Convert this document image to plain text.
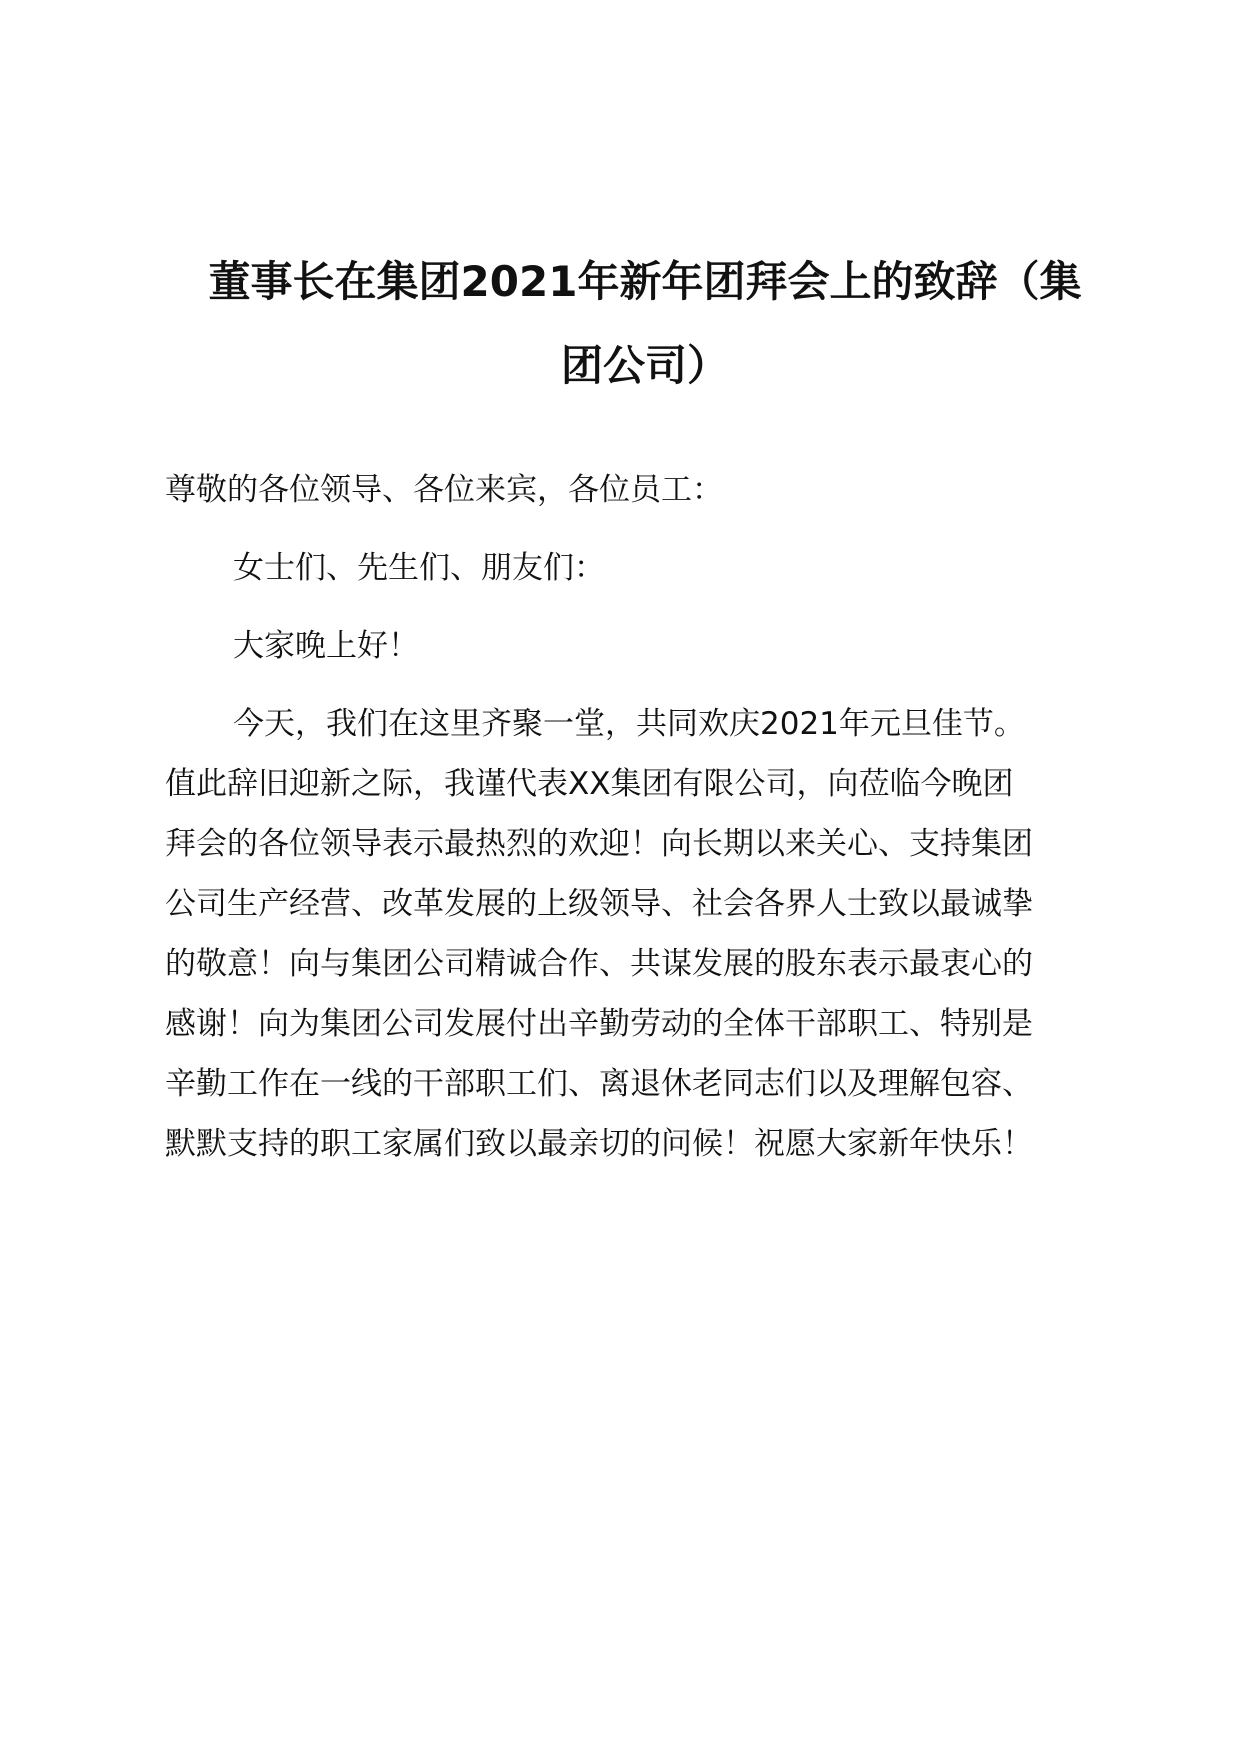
董事长在集团2021年新年团拜会上的致辞（集
团公司）

尊敬的各位领导、各位来宾，各位员工：

女士们、先生们、朋友们：

大家晚上好！

今天，我们在这里齐聚一堂，共同欢庆2021年元旦佳节。
值此辞旧迎新之际，我谨代表XX集团有限公司，向莅临今晚团
拜会的各位领导表示最热烈的欢迎！向长期以来关心、支持集团
公司生产经营、改革发展的上级领导、社会各界人士致以最诚挚
的敬意！向与集团公司精诚合作、共谋发展的股东表示最衷心的
感谢！向为集团公司发展付出辛勤劳动的全体干部职工、特别是
辛勤工作在一线的干部职工们、离退休老同志们以及理解包容、
默默支持的职工家属们致以最亲切的问候！祝愿大家新年快乐！
